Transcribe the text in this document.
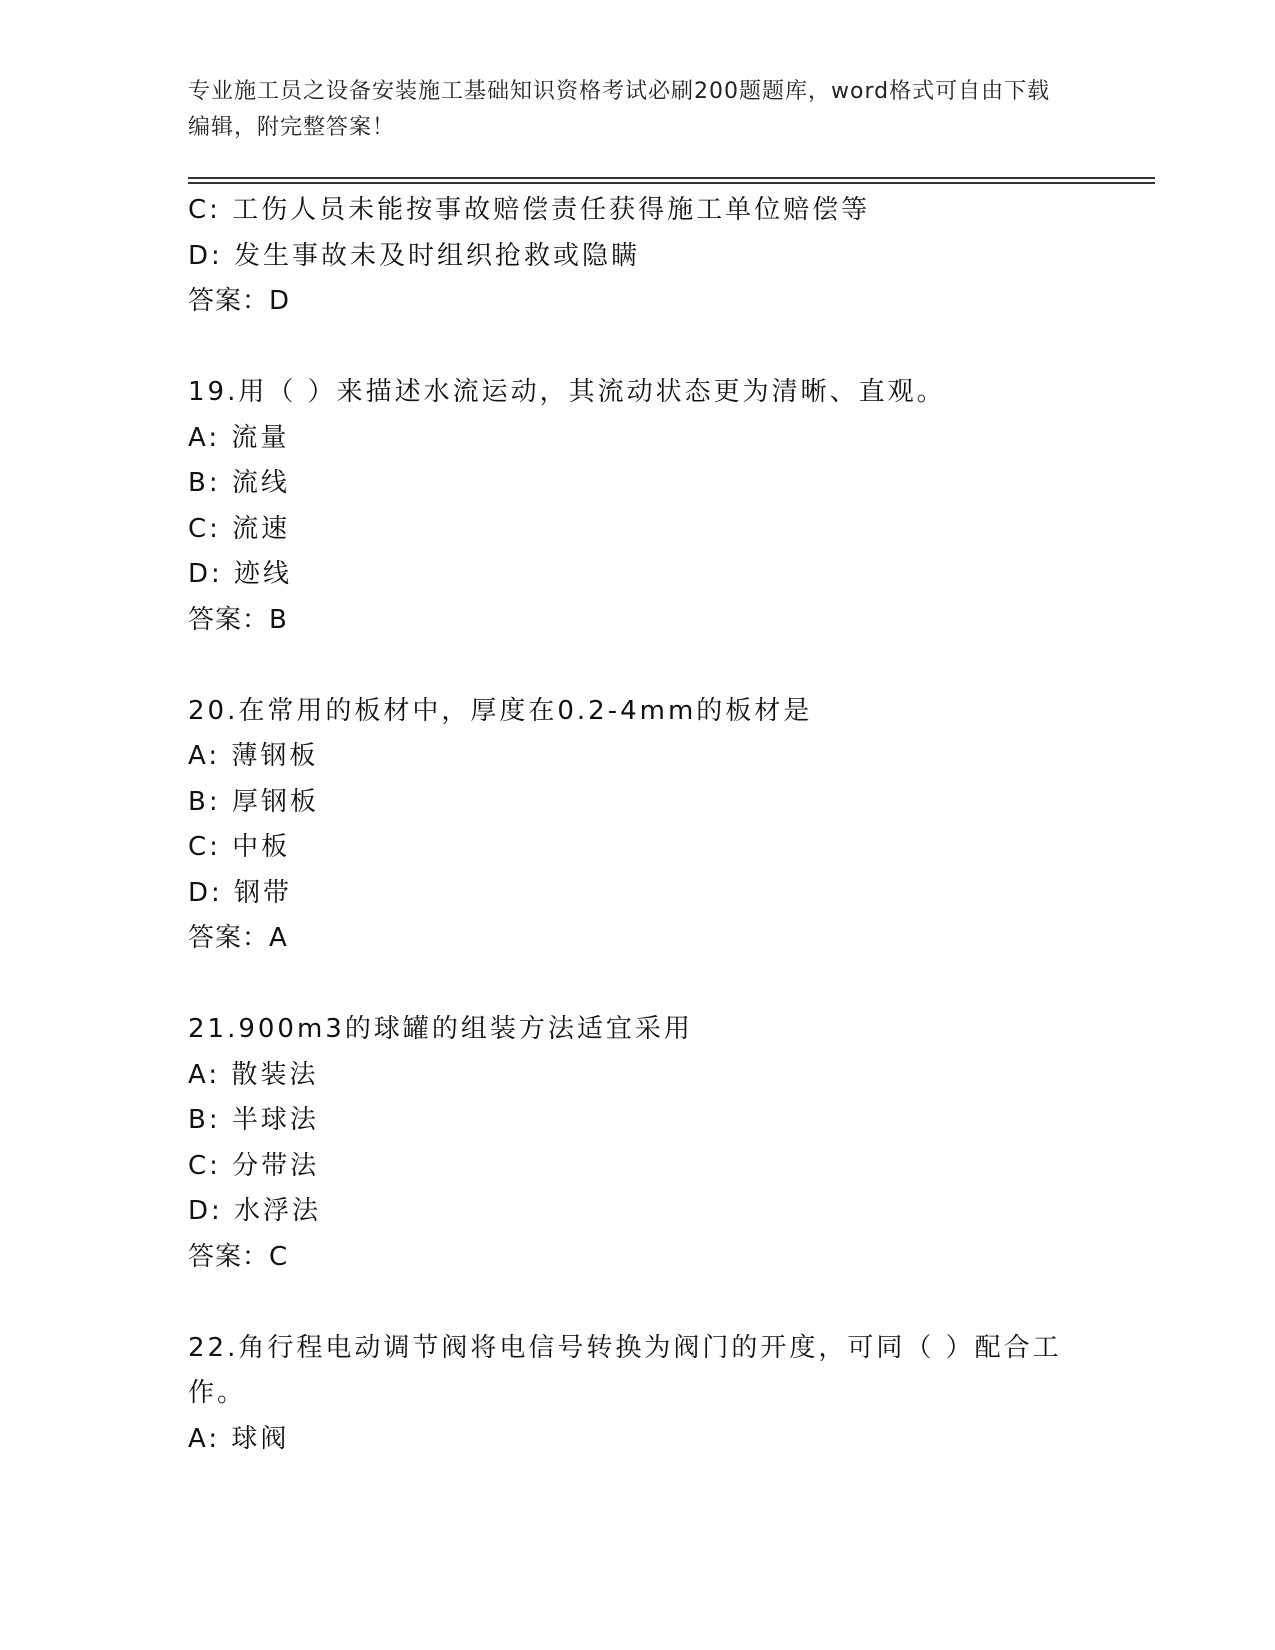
专业施工员之设备安装施工基础知识资格考试必刷200题题库，word格式可自由下载编辑，附完整答案！
C: 工伤人员未能按事故赔偿责任获得施工单位赔偿等
D: 发生事故未及时组织抢救或隐瞒
答案：D
19.用（ ）来描述水流运动，其流动状态更为清晰、直观。
A: 流量
B: 流线
C: 流速
D: 迹线
答案：B
20.在常用的板材中，厚度在0.2-4mm的板材是
A: 薄钢板
B: 厚钢板
C: 中板
D: 钢带
答案：A
21.900m3的球罐的组装方法适宜采用
A: 散装法
B: 半球法
C: 分带法
D: 水浮法
答案：C
22.角行程电动调节阀将电信号转换为阀门的开度，可同（ ）配合工作。
A: 球阀
